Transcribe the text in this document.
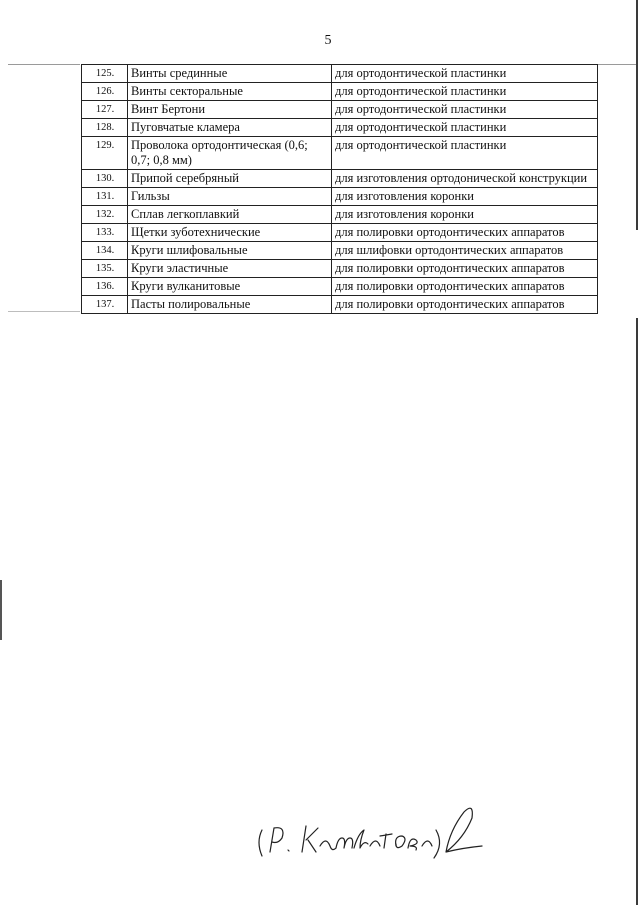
5
125.	Винты срединные	для ортодонтической пластинки
126.	Винты секторальные	для ортодонтической пластинки
127.	Винт Бертони	для ортодонтической пластинки
128.	Пуговчатые кламера	для ортодонтической пластинки
129.	Проволока ортодонтическая (0,6; 0,7; 0,8 мм)	для ортодонтической пластинки
130.	Припой серебряный	для изготовления ортодонической конструкции
131.	Гильзы	для изготовления коронки
132.	Сплав легкоплавкий	для изготовления коронки
133.	Щетки зуботехнические	для полировки ортодонтических аппаратов
134.	Круги шлифовальные	для шлифовки ортодонтических аппаратов
135.	Круги эластичные	для полировки ортодонтических аппаратов
136.	Круги вулканитовые	для полировки ортодонтических аппаратов
137.	Пасты полировальные	для полировки ортодонтических аппаратов
